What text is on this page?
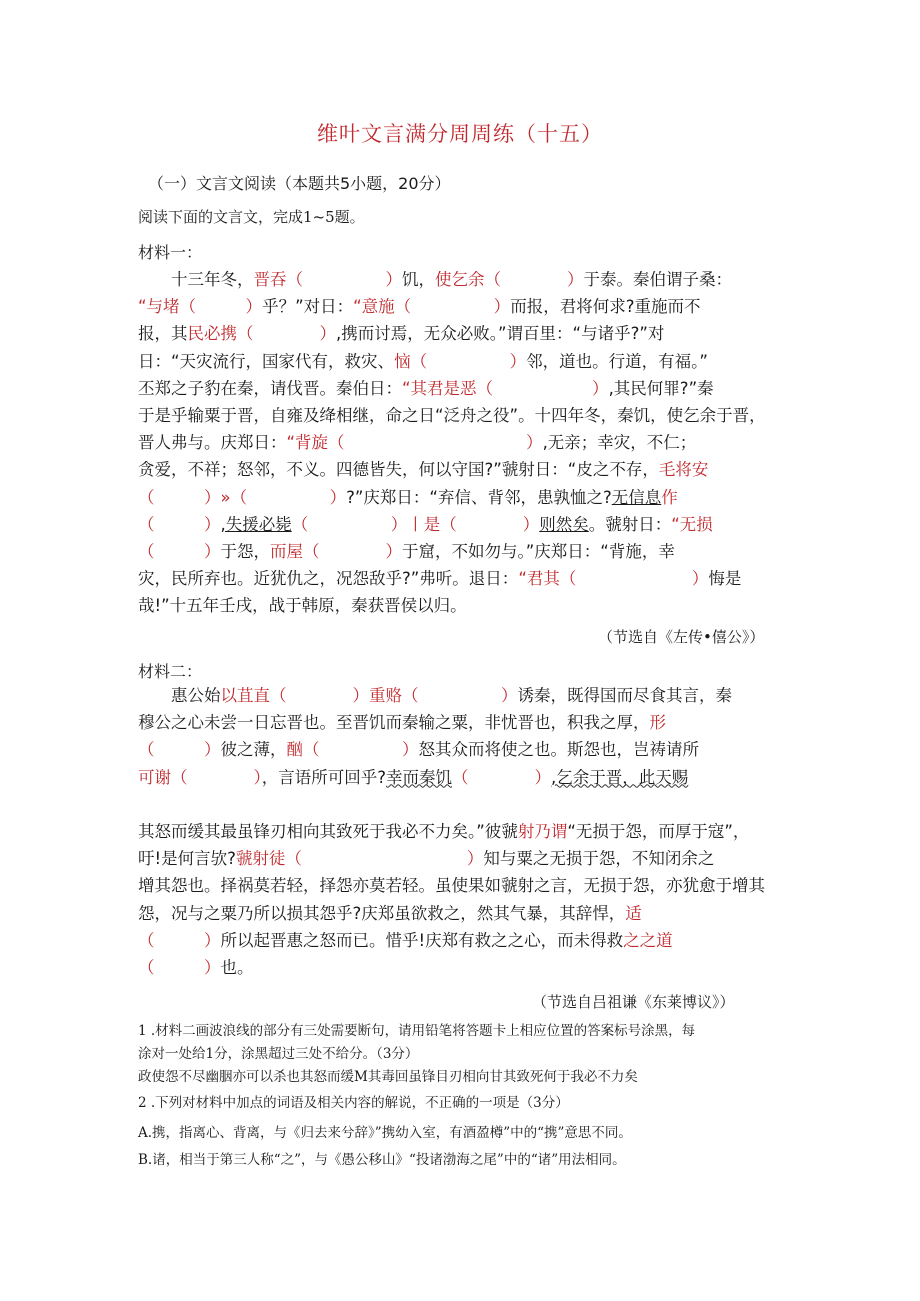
维叶文言满分周周练（十五）
（一）文言文阅读（本题共5小题，20分）
阅读下面的文言文，完成1~5题。
材料一：
　　十三年冬，晋吞（　　　　　）饥，使乞余（　　　　）于泰。秦伯谓子桑：
“与堵（　　　）乎？”对日：“意施（　　　　　）而报，君将何求?重施而不
报，其民必携（　　　　）,携而讨焉，无众必败。”谓百里：“与诸乎?”对
日：“天灾流行，国家代有，救灾、恼（　　　　　）邻，道也。行道，有福。”
丕郑之子豹在秦，请伐晋。秦伯日：“其君是恶（　　　　　　）,其民何罪?”秦
于是乎输粟于晋，自雍及绛相继，命之日“泛舟之役”。十四年冬，秦饥，使乞余于晋，
晋人弗与。庆郑日：“背旋（　　　　　　　　　　　）,无亲；幸灾，不仁；
贪爱，不祥；怒邻，不义。四德皆失，何以守国?”虢射日：“皮之不存，毛将安
（　　　）»（　　　　　）?”庆郑日：“弃信、背邻，患孰恤之?无信息作
（　　　）,失援必毙（　　　　　）丨是（　　　　）则然矣。虢射日：“无损
（　　　）于怨，而屋（　　　　）于窟，不如勿与。”庆郑日：“背施，幸
灾，民所弃也。近犹仇之，况怨敌乎?”弗听。退日：“君其（　　　　　　　）悔是
哉!”十五年壬戌，战于韩原，秦获晋侯以归。
（节选自《左传•僖公》）
材料二：
　　惠公始以苴直（　　　　）重赂（　　　　　）诱秦，既得国而尽食其言，秦
穆公之心未尝一日忘晋也。至晋饥而秦输之粟，非忧晋也，积我之厚，形
（　　　）彼之薄，酗（　　　　　）怒其众而将使之也。斯怨也，岂祷请所
可谢（　　　　），言语所可回乎?幸而秦饥（　　　　）,乞余于晋，此天赐
其怒而缓其最虽锋刃相向其致死于我必不力矣。”彼虢射乃谓“无损于怨，而厚于寇”，
吁!是何言欤?虢射徒（　　　　　　　　　　）知与粟之无损于怨，不知闭余之
增其怨也。择祸莫若轻，择怨亦莫若轻。虽使果如虢射之言，无损于怨，亦犹愈于增其
怨，况与之粟乃所以损其怨乎?庆郑虽欲救之，然其气暴，其辞悍，适
（　　　）所以起晋惠之怒而已。惜乎!庆郑有救之之心，而未得救之之道
（　　　）也。
（节选自吕祖谦《东莱博议》）
1 .材料二画波浪线的部分有三处需要断句，请用铅笔将答题卡上相应位置的答案标号涂黑，每
涂对一处给1分，涂黑超过三处不给分。（3分）
政使怨不尽幽胭亦可以杀也其怒而缓M其毒回虽锋目刃相向甘其致死何于我必不力矣
2 .下列对材料中加点的词语及相关内容的解说，不正确的一项是（3分）
A.携，指离心、背离，与《归去来兮辞》”携幼入室，有酒盈樽”中的“携”意思不同。
B.诸，相当于第三人称“之”，与《愚公移山》“投诸渤海之尾”中的“诸”用法相同。
